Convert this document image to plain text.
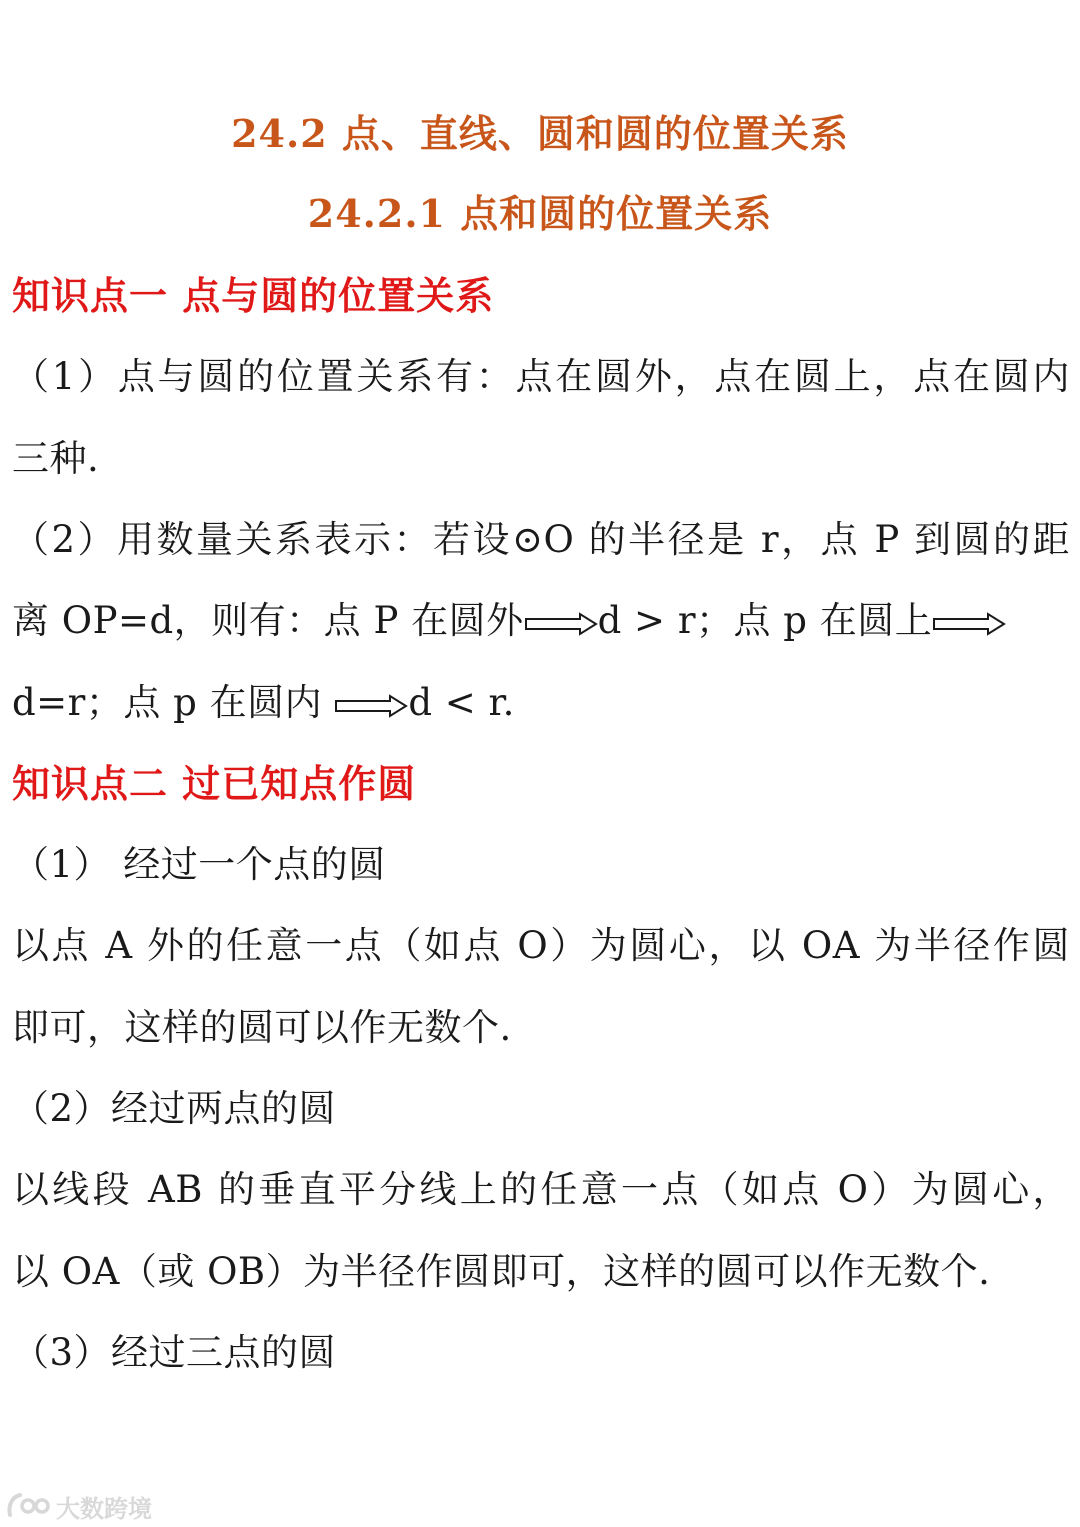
24.2 点、直线、圆和圆的位置关系
24.2.1 点和圆的位置关系
知识点一 点与圆的位置关系
（1）点与圆的位置关系有：点在圆外，点在圆上，点在圆内
三种.
（2）用数量关系表示：若设⊙O 的半径是 r，点 P 到圆的距
离 OP=d，则有：点 P 在圆外 d > r；点 p 在圆上
d=r；点 p 在圆内 d < r.
知识点二 过已知点作圆
（1） 经过一个点的圆
以点 A 外的任意一点（如点 O）为圆心，以 OA 为半径作圆
即可，这样的圆可以作无数个.
（2）经过两点的圆
以线段 AB 的垂直平分线上的任意一点（如点 O）为圆心，
以 OA（或 OB）为半径作圆即可，这样的圆可以作无数个.
（3）经过三点的圆
大数跨境
